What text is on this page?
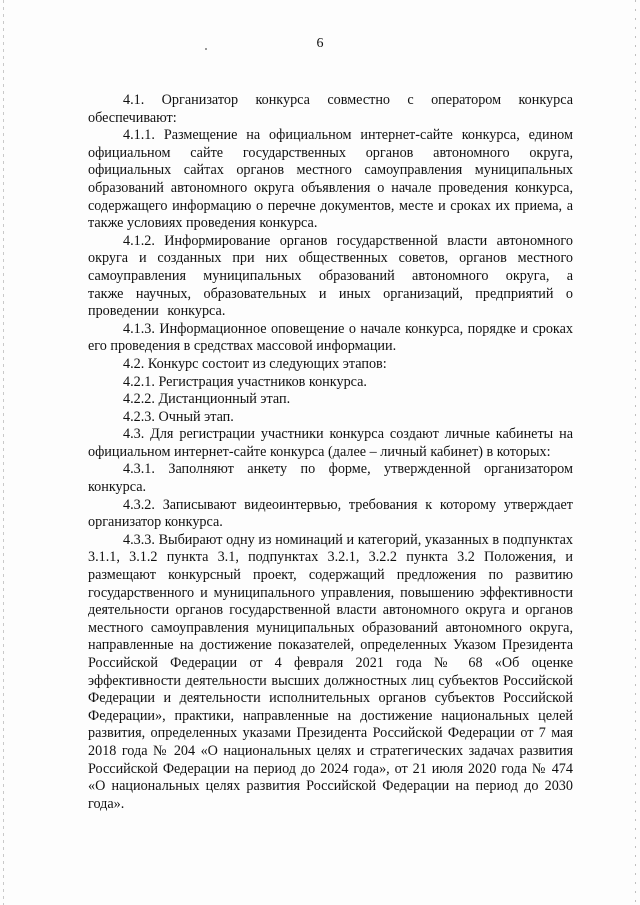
6

4.1. Организатор конкурса совместно с оператором конкурса обеспечивают:

4.1.1. Размещение на официальном интернет-сайте конкурса, едином официальном сайте государственных органов автономного округа, официальных сайтах органов местного самоуправления муниципальных образований автономного округа объявления о начале проведения конкурса, содержащего информацию о перечне документов, месте и сроках их приема, а также условиях проведения конкурса.

4.1.2. Информирование органов государственной власти автономного округа и созданных при них общественных советов, органов местного самоуправления муниципальных образований автономного округа, а также научных, образовательных и иных организаций, предприятий о проведении конкурса.

4.1.3. Информационное оповещение о начале конкурса, порядке и сроках его проведения в средствах массовой информации.

4.2. Конкурс состоит из следующих этапов:

4.2.1. Регистрация участников конкурса.

4.2.2. Дистанционный этап.

4.2.3. Очный этап.

4.3. Для регистрации участники конкурса создают личные кабинеты на официальном интернет-сайте конкурса (далее – личный кабинет) в которых:

4.3.1. Заполняют анкету по форме, утвержденной организатором конкурса.

4.3.2. Записывают видеоинтервью, требования к которому утверждает организатор конкурса.

4.3.3. Выбирают одну из номинаций и категорий, указанных в подпунктах 3.1.1, 3.1.2 пункта 3.1, подпунктах 3.2.1, 3.2.2 пункта 3.2 Положения, и размещают конкурсный проект, содержащий предложения по развитию государственного и муниципального управления, повышению эффективности деятельности органов государственной власти автономного округа и органов местного самоуправления муниципальных образований автономного округа, направленные на достижение показателей, определенных Указом Президента Российской Федерации от 4 февраля 2021 года № 68 «Об оценке эффективности деятельности высших должностных лиц субъектов Российской Федерации и деятельности исполнительных органов субъектов Российской Федерации», практики, направленные на достижение национальных целей развития, определенных указами Президента Российской Федерации от 7 мая 2018 года № 204 «О национальных целях и стратегических задачах развития Российской Федерации на период до 2024 года», от 21 июля 2020 года № 474 «О национальных целях развития Российской Федерации на период до 2030 года».
